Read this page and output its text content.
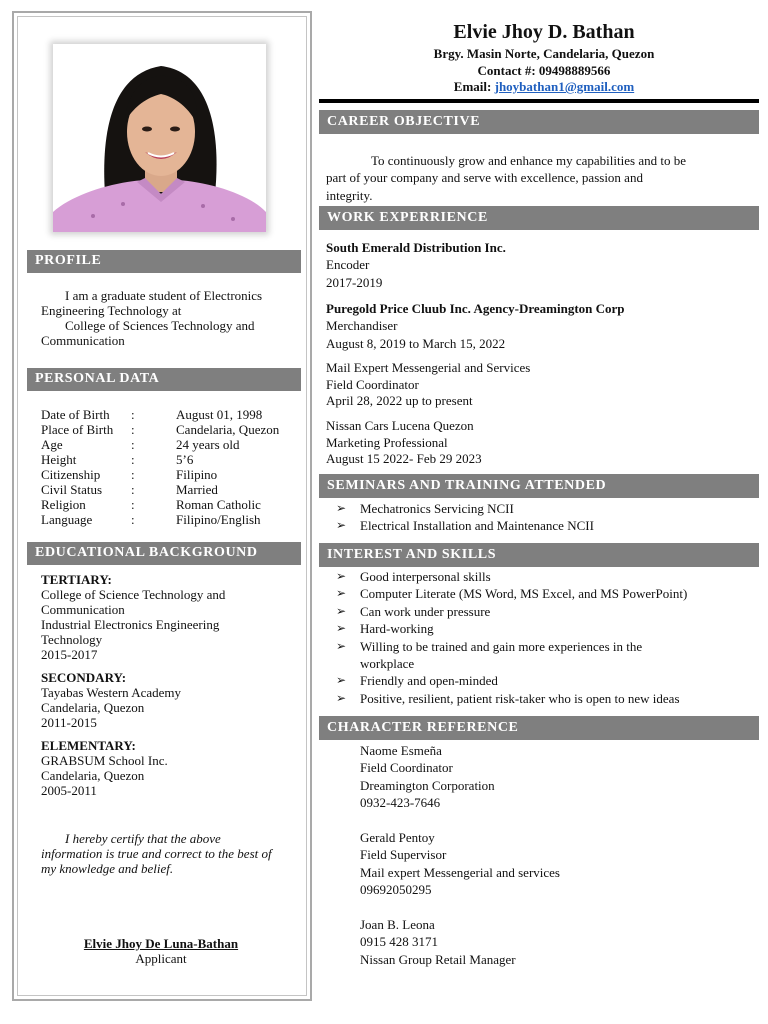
PROFILE
I am a graduate student of Electronics
Engineering Technology at
College of Sciences Technology and
Communication
PERSONAL DATA
Date of Birth :	August 01, 1998
Place of Birth :	Candelaria, Quezon
Age	:	24 years old
Height	:	5’6
Citizenship :	Filipino
Civil Status :	Married
Religion	:	Roman Catholic
Language	:	Filipino/English
EDUCATIONAL BACKGROUND
TERTIARY:
College of Science Technology and
Communication
Industrial Electronics Engineering
Technology
2015-2017
SECONDARY:
Tayabas Western Academy
Candelaria, Quezon
2011-2015
ELEMENTARY:
GRABSUM School Inc.
Candelaria, Quezon
2005-2011
I hereby certify that the above
information is true and correct to the best of
my knowledge and belief.
Elvie Jhoy De Luna-Bathan
Applicant
Elvie Jhoy D. Bathan
Brgy. Masin Norte, Candelaria, Quezon
Contact #: 09498889566
Email: jhoybathan1@gmail.com
CAREER OBJECTIVE
To continuously grow and enhance my capabilities and to be
part of your company and serve with excellence, passion and
integrity.
WORK EXPERRIENCE
South Emerald Distribution Inc.
Encoder
2017-2019
Puregold Price Cluub Inc. Agency-Dreamington Corp
Merchandiser
August 8, 2019 to March 15, 2022
Mail Expert Messengerial and Services
Field Coordinator
April 28, 2022 up to present
Nissan Cars Lucena Quezon
Marketing Professional
August 15 2022- Feb 29 2023
SEMINARS AND TRAINING ATTENDED
➢ Mechatronics Servicing NCII
➢ Electrical Installation and Maintenance NCII
INTEREST AND SKILLS
➢ Good interpersonal skills
➢ Computer Literate (MS Word, MS Excel, and MS PowerPoint)
➢ Can work under pressure
➢ Hard-working
➢ Willing to be trained and gain more experiences in the
workplace
➢ Friendly and open-minded
➢ Positive, resilient, patient risk-taker who is open to new ideas
CHARACTER REFERENCE
Naome Esmeña
Field Coordinator
Dreamington Corporation
0932-423-7646
Gerald Pentoy
Field Supervisor
Mail expert Messengerial and services
09692050295
Joan B. Leona
0915 428 3171
Nissan Group Retail Manager
